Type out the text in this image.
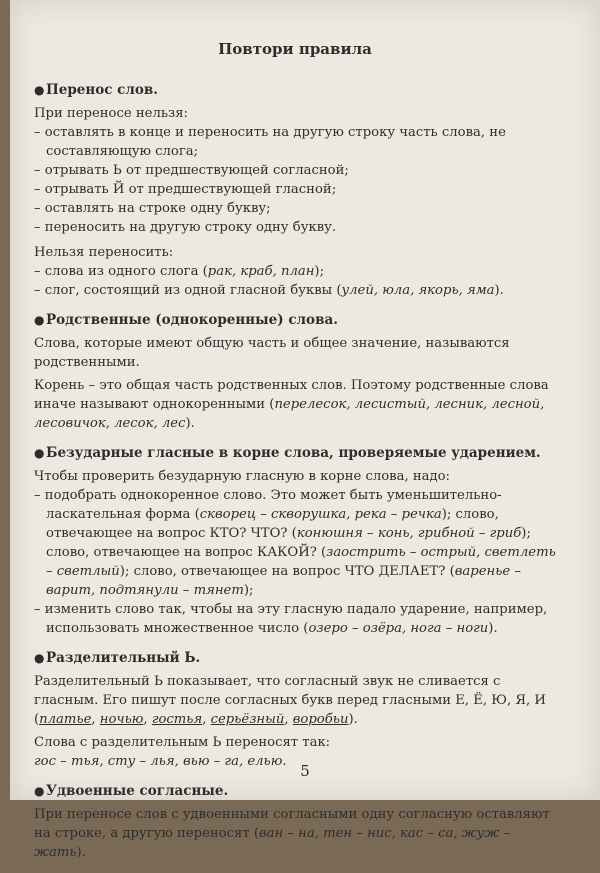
Повтори правила
● Перенос слов.
При переносе нельзя:
– оставлять в конце и переносить на другую строку часть слова, не составляющую слога;
– отрывать Ь от предшествующей согласной;
– отрывать Й от предшествующей гласной;
– оставлять на строке одну букву;
– переносить на другую строку одну букву.
Нельзя переносить:
– слова из одного слога (рак, краб, план);
– слог, состоящий из одной гласной буквы (улей, юла, якорь, яма).
● Родственные (однокоренные) слова.
Слова, которые имеют общую часть и общее значение, называются родственными.
Корень – это общая часть родственных слов. Поэтому родственные слова иначе называют однокоренными (перелесок, лесистый, лесник, лесной, лесовичок, лесок, лес).
● Безударные гласные в корне слова, проверяемые ударением.
Чтобы проверить безударную гласную в корне слова, надо:
– подобрать однокоренное слово. Это может быть уменьшительно-ласкательная форма (скворец – скворушка, река – речка); слово, отвечающее на вопрос КТО? ЧТО? (конюшня – конь, грибной – гриб); слово, отвечающее на вопрос КАКОЙ? (заострить – острый, светлеть – светлый); слово, отвечающее на вопрос ЧТО ДЕЛАЕТ? (варенье – варит, подтянули – тянет);
– изменить слово так, чтобы на эту гласную падало ударение, например, использовать множественное число (озеро – озёра, нога – ноги).
● Разделительный Ь.
Разделительный Ь показывает, что согласный звук не сливается с гласным. Его пишут после согласных букв перед гласными Е, Ё, Ю, Я, И (платье, ночью, гостья, серьёзный, воробьи).
Слова с разделительным Ь переносят так:
гос – тья, сту – лья, вью – га, елью.
● Удвоенные согласные.
При переносе слов с удвоенными согласными одну согласную оставляют на строке, а другую переносят (ван – на, тен – нис, кас – са, жуж – жать).
5
